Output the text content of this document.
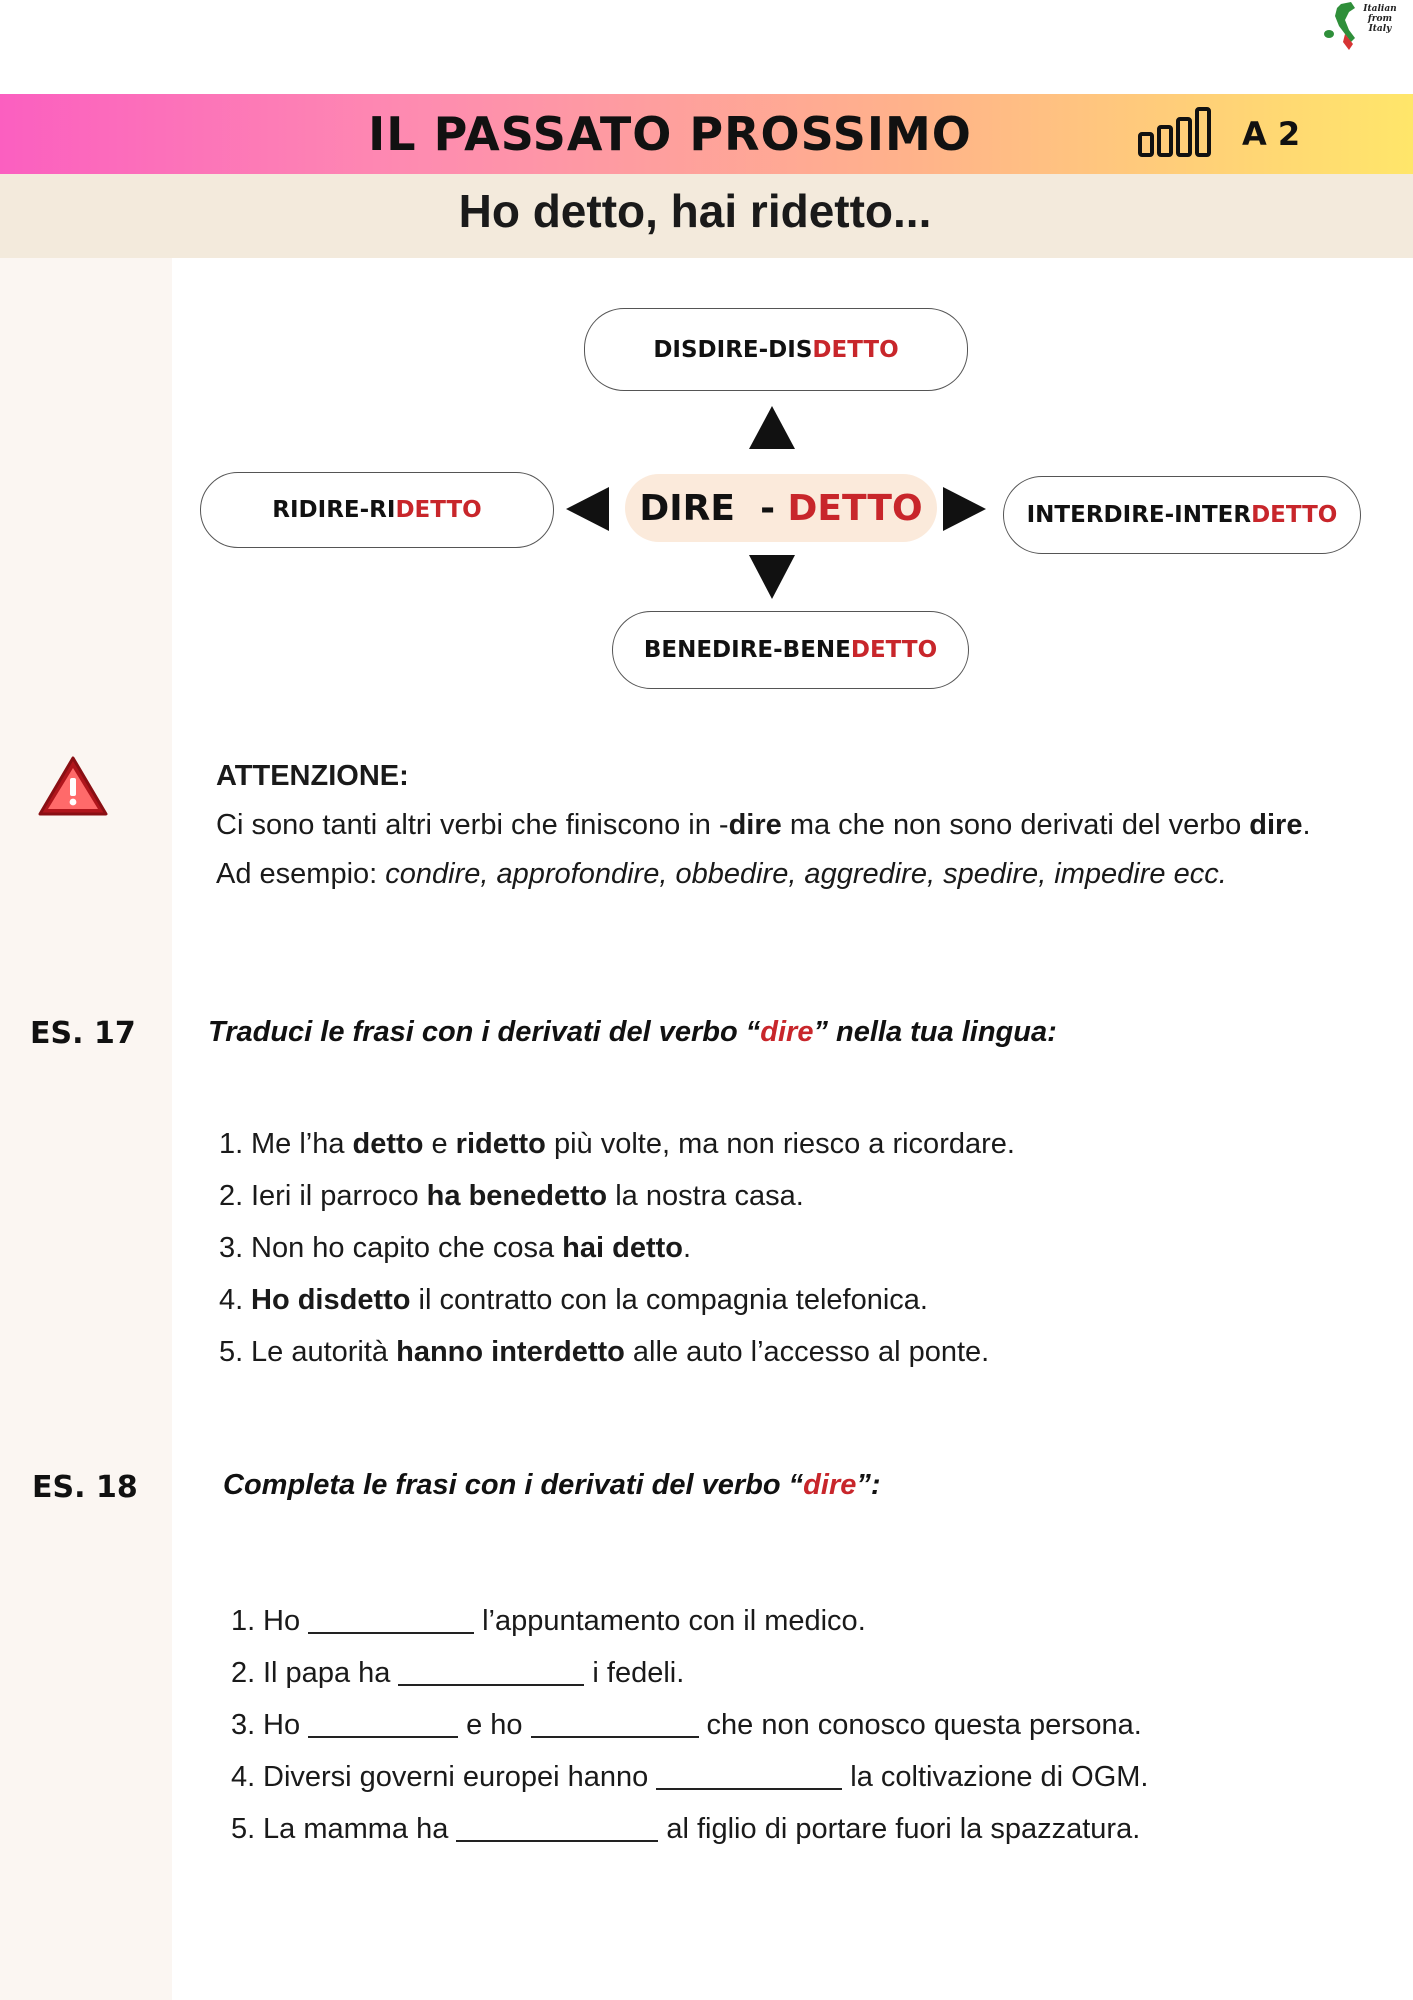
Italian from Italy
IL PASSATO PROSSIMO	A 2
Ho detto, hai ridetto...
DIRE - DETTO
DISDIRE - DIS DETTO
RIDIRE - RI DETTO	INTERDIRE - INTER DETTO
BENEDIRE - BENE DETTO
ATTENZIONE:
Ci sono tanti altri verbi che finiscono in -dire ma che non sono derivati del verbo dire. Ad esempio: condire, approfondire, obbedire, aggredire, spedire, impedire ecc.
ES. 17 Traduci le frasi con i derivati del verbo “dire” nella tua lingua:
1. Me l’ha detto e ridetto più volte, ma non riesco a ricordare.
2. Ieri il parroco ha benedetto la nostra casa.
3. Non ho capito che cosa hai detto.
4. Ho disdetto il contratto con la compagnia telefonica.
5. Le autorità hanno interdetto alle auto l’accesso al ponte.
ES. 18	Completa le frasi con i derivati del verbo “dire”:
1. Ho	l’appuntamento con il medico.
2. Il papa ha	i fedeli.
3. Ho	e ho	che non conosco questa persona.
4. Diversi governi europei hanno	la coltivazione di OGM.
5. La mamma ha	al figlio di portare fuori la spazzatura.
